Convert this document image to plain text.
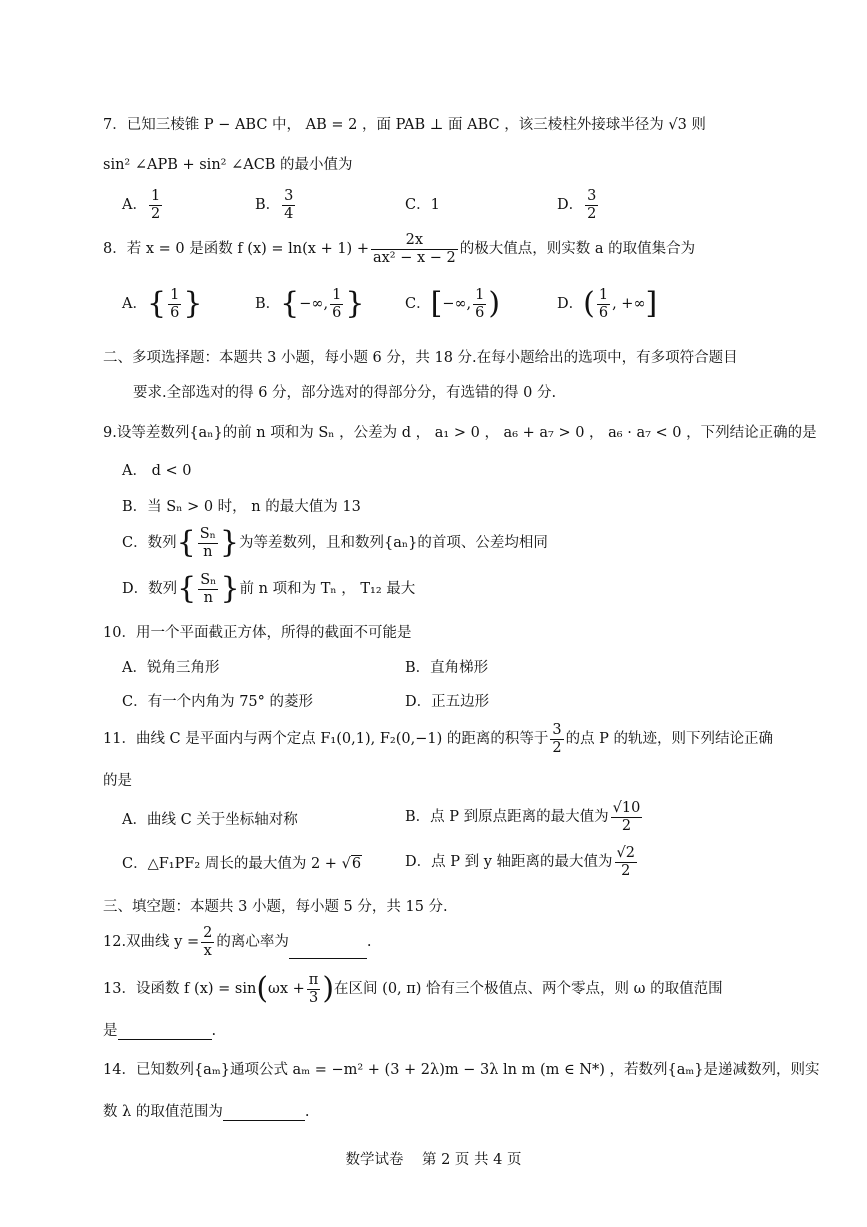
7．已知三棱锥 P − ABC 中， AB = 2 ，面 PAB ⊥ 面 ABC ，该三棱柱外接球半径为 √3 则
sin² ∠APB + sin² ∠ACB 的最小值为
A． $\frac{1}{2}$	B． $\frac{3}{4}$	C．1	D． $\frac{3}{2}$
8．若 x = 0 是函数 f $(x) = \ln(x + 1) + \frac{2x}{\text{ax² − x − 2}}$ 的极大值点，则实数 a 的取值集合为
A．{ $\frac{1}{6}$ }	B．{−∞, $\frac{1}{6}$ }	C．[−∞, $\frac{1}{6}$ )	D．( $\frac{1}{6}$ , +∞]
二、多项选择题：本题共 3 小题，每小题 6 分，共 18 分.在每小题给出的选项中，有多项符合题目
要求.全部选对的得 6 分，部分选对的得部分分，有选错的得 0 分.
9.设等差数列{aₙ}的前 n 项和为 Sₙ ，公差为 d ， a₁ > 0 ， a₆ + a₇ > 0 ， a₆ · a₇ < 0 ，下列结论正确的是
A． d < 0
B．当 Sₙ > 0 时， n 的最大值为 13
C．数列{ $\frac{\text{Sₙ}}{n}$ }为等差数列，且和数列{aₙ}的首项、公差均相同
D．数列{ $\frac{\text{Sₙ}}{n}$ }前 n 项和为 Tₙ ， T₁₂ 最大
10．用一个平面截正方体，所得的截面不可能是
A．锐角三角形	B．直角梯形
C．有一个内角为 75° 的菱形	D．正五边形
11．曲线 C 是平面内与两个定点 F₁(0,1), F₂(0,−1) 的距离的积等于 $\frac{3}{2}$ 的点 P 的轨迹，则下列结论正确
的是
A．曲线 C 关于坐标轴对称	B．点 P 到原点距离的最大值为 $\frac{√10}{2}$
C．△F₁PF₂ 周长的最大值为 2 + √6	D．点 P 到 y 轴距离的最大值为 $\frac{√2}{2}$
三、填空题：本题共 3 小题，每小题 5 分，共 15 分.
12.双曲线 $y = \frac{2}{x}$ 的离心率为	.
13．设函数 f $(x) = \sin(\omega x + \frac{\pi}{3}$ )在区间 (0, π) 恰有三个极值点、两个零点，则 ω 的取值范围
是	.
14．已知数列{aₘ}通项公式 aₘ = −m² + (3 + 2λ)m − 3λ ln m (m ∈ N*) ，若数列{aₘ}是递减数列，则实
数 λ 的取值范围为	.
数学试卷    第 2 页 共 4 页
